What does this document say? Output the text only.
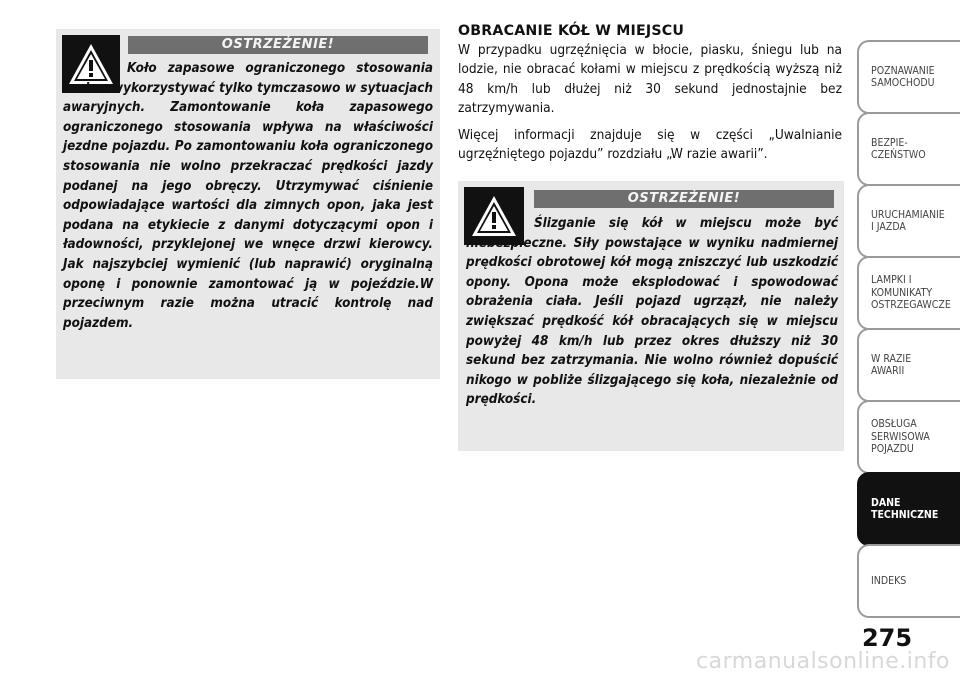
OSTRZEŻENIE!
Koło zapasowe ograniczonego stosowania można wykorzystywać tylko tymczasowo w sytuacjach awaryjnych. Zamontowanie koła zapasowego ograniczonego stosowania wpływa na właściwości jezdne pojazdu. Po zamontowaniu koła ograniczonego stosowania nie wolno przekraczać prędkości jazdy podanej na jego obręczy. Utrzymywać ciśnienie odpowiadające wartości dla zimnych opon, jaka jest podana na etykiecie z danymi dotyczącymi opon i ładowności, przyklejonej we wnęce drzwi kierowcy. Jak najszybciej wymienić (lub naprawić) oryginalną oponę i ponownie zamontować ją w pojeździe.W przeciwnym razie można utracić kontrolę nad pojazdem.
OBRACANIE KÓŁ W MIEJSCU

W przypadku ugrzęźnięcia w błocie, piasku, śniegu lub na lodzie, nie obracać kołami w miejscu z prędkością wyższą niż 48 km/h lub dłużej niż 30 sekund jednostajnie bez zatrzymywania.

Więcej informacji znajduje się w części „Uwalnianie ugrzęźniętego pojazdu” rozdziału „W razie awarii”.

OSTRZEŻENIE!
Ślizganie się kół w miejscu może być niebezpieczne. Siły powstające w wyniku nadmiernej prędkości obrotowej kół mogą zniszczyć lub uszkodzić opony. Opona może eksplodować i spowodować obrażenia ciała. Jeśli pojazd ugrzązł, nie należy zwiększać prędkość kół obracających się w miejscu powyżej 48 km/h lub przez okres dłuższy niż 30 sekund bez zatrzymania. Nie wolno również dopuścić nikogo w pobliże ślizgającego się koła, niezależnie od prędkości.
POZNAWANIE
SAMOCHODU
BEZPIE-
CZEŃSTWO
URUCHAMIANIE
I JAZDA
LAMPKI I
KOMUNIKATY
OSTRZEGAWCZE
W RAZIE
AWARII
OBSŁUGA
SERWISOWA
POJAZDU
DANE
TECHNICZNE
INDEKS
275
carmanualsonline.info
